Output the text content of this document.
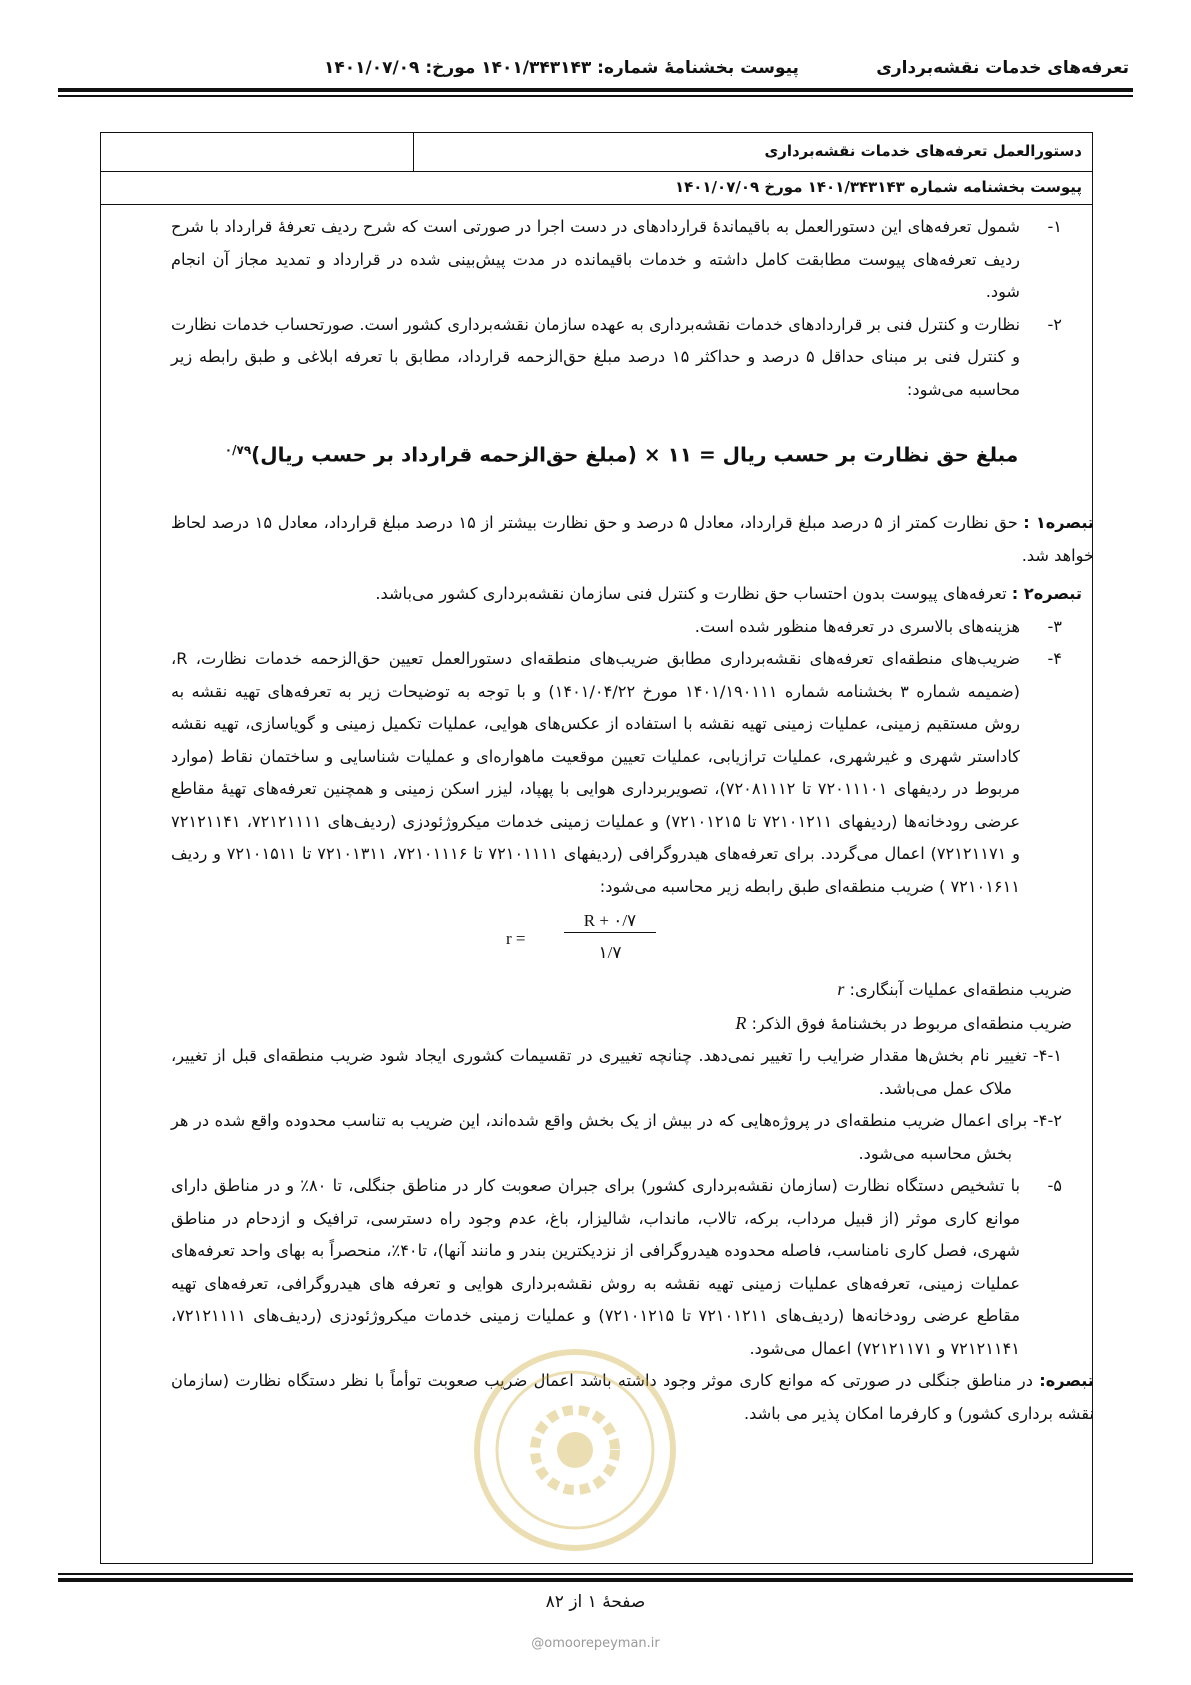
تعرفه‌های خدمات نقشه‌برداری
پیوست بخشنامۀ شماره: ۱۴۰۱/۳۴۳۱۴۳ مورخ: ۱۴۰۱/۰۷/۰۹
دستورالعمل تعرفه‌های خدمات نقشه‌برداری
پیوست بخشنامه شماره ۱۴۰۱/۳۴۳۱۴۳ مورخ ۱۴۰۱/۰۷/۰۹
۱-
شمول تعرفه‌های این دستورالعمل به باقیماندۀ قراردادهای در دست اجرا در صورتی است که شرح ردیف تعرفۀ قرارداد با شرح ردیف تعرفه‌های پیوست مطابقت کامل داشته و خدمات باقیمانده در مدت پیش‌بینی شده در قرارداد و تمدید مجاز آن انجام شود.
۲-
نظارت و کنترل فنی بر قراردادهای خدمات نقشه‌برداری به عهده سازمان نقشه‌برداری کشور است. صورتحساب خدمات نظارت و کنترل فنی بر مبنای حداقل ۵ درصد و حداکثر ۱۵ درصد مبلغ حق‌الزحمه قرارداد، مطابق با تعرفه ابلاغی و طبق رابطه زیر محاسبه می‌شود:
مبلغ حق نظارت بر حسب ریال = ۱۱ × (مبلغ حق‌الزحمه قرارداد بر حسب ریال)$^{۰/۷۹}$
تبصره۱ : حق نظارت کمتر از ۵ درصد مبلغ قرارداد، معادل ۵ درصد و حق نظارت بیشتر از ۱۵ درصد مبلغ قرارداد، معادل ۱۵ درصد لحاظ خواهد شد.
تبصره۲ : تعرفه‌های پیوست بدون احتساب حق نظارت و کنترل فنی سازمان نقشه‌برداری کشور می‌باشد.
۳-
هزینه‌های بالاسری در تعرفه‌ها منظور شده است.
۴-
ضریب‌های منطقه‌ای تعرفه‌های نقشه‌برداری مطابق ضریب‌های منطقه‌ای دستورالعمل تعیین حق‌الزحمه خدمات نظارت، R، (ضمیمه شماره ۳ بخشنامه شماره ۱۴۰۱/۱۹۰۱۱۱ مورخ ۱۴۰۱/۰۴/۲۲) و با توجه به توضیحات زیر به تعرفه‌های تهیه نقشه به روش مستقیم زمینی، عملیات زمینی تهیه نقشه با استفاده از عکس‌های هوایی، عملیات تکمیل زمینی و گویاسازی، تهیه نقشه کاداستر شهری و غیرشهری، عملیات ترازیابی، عملیات تعیین موقعیت ماهواره‌ای و عملیات شناسایی و ساختمان نقاط (موارد مربوط در ردیفهای ۷۲۰۱۱۱۰۱ تا ۷۲۰۸۱۱۱۲)، تصویربرداری هوایی با پهپاد، لیزر اسکن زمینی و همچنین تعرفه‌های تهیۀ مقاطع عرضی رودخانه‌ها (ردیفهای ۷۲۱۰۱۲۱۱ تا ۷۲۱۰۱۲۱۵) و عملیات زمینی خدمات میکروژئودزی (ردیف‌های ۷۲۱۲۱۱۱۱، ۷۲۱۲۱۱۴۱ و ۷۲۱۲۱۱۷۱) اعمال می‌گردد. برای تعرفه‌های هیدروگرافی (ردیفهای ۷۲۱۰۱۱۱۱ تا ۷۲۱۰۱۱۱۶، ۷۲۱۰۱۳۱۱ تا ۷۲۱۰۱۵۱۱ و ردیف ۷۲۱۰۱۶۱۱ ) ضریب منطقه‌ای طبق رابطه زیر محاسبه می‌شود:
r =
R + ۰/۷
۱/۷
ضریب منطقه‌ای عملیات آبنگاری: r
ضریب منطقه‌ای مربوط در بخشنامۀ فوق الذکر: R
۴-۱- تغییر نام بخش‌ها مقدار ضرایب را تغییر نمی‌دهد. چنانچه تغییری در تقسیمات کشوری ایجاد شود ضریب منطقه‌ای قبل از تغییر، ملاک عمل می‌باشد.
۴-۲- برای اعمال ضریب منطقه‌ای در پروژه‌هایی که در بیش از یک بخش واقع شده‌اند، این ضریب به تناسب محدوده واقع شده در هر بخش محاسبه می‌شود.
۵-
با تشخیص دستگاه نظارت (سازمان نقشه‌برداری کشور) برای جبران صعوبت کار در مناطق جنگلی، تا ۸۰٪ و در مناطق دارای موانع کاری موثر (از قبیل مرداب، برکه، تالاب، مانداب، شالیزار، باغ، عدم وجود راه دسترسی، ترافیک و ازدحام در مناطق شهری، فصل کاری نامناسب، فاصله محدوده هیدروگرافی از نزدیکترین بندر و مانند آنها)، تا۴۰٪، منحصراً به بهای واحد تعرفه‌های عملیات زمینی، تعرفه‌های عملیات زمینی تهیه نقشه به روش نقشه‌برداری هوایی و تعرفه های هیدروگرافی، تعرفه‌های تهیه مقاطع عرضی رودخانه‌ها (ردیف‌های ۷۲۱۰۱۲۱۱ تا ۷۲۱۰۱۲۱۵) و عملیات زمینی خدمات میکروژئودزی (ردیف‌های ۷۲۱۲۱۱۱۱، ۷۲۱۲۱۱۴۱ و ۷۲۱۲۱۱۷۱) اعمال می‌شود.
تبصره: در مناطق جنگلی در صورتی که موانع کاری موثر وجود داشته باشد اعمال ضریب صعوبت توأماً با نظر دستگاه نظارت (سازمان نقشه برداری کشور) و کارفرما امکان پذیر می باشد.
صفحۀ ۱ از ۸۲
@omoorepeyman.ir
